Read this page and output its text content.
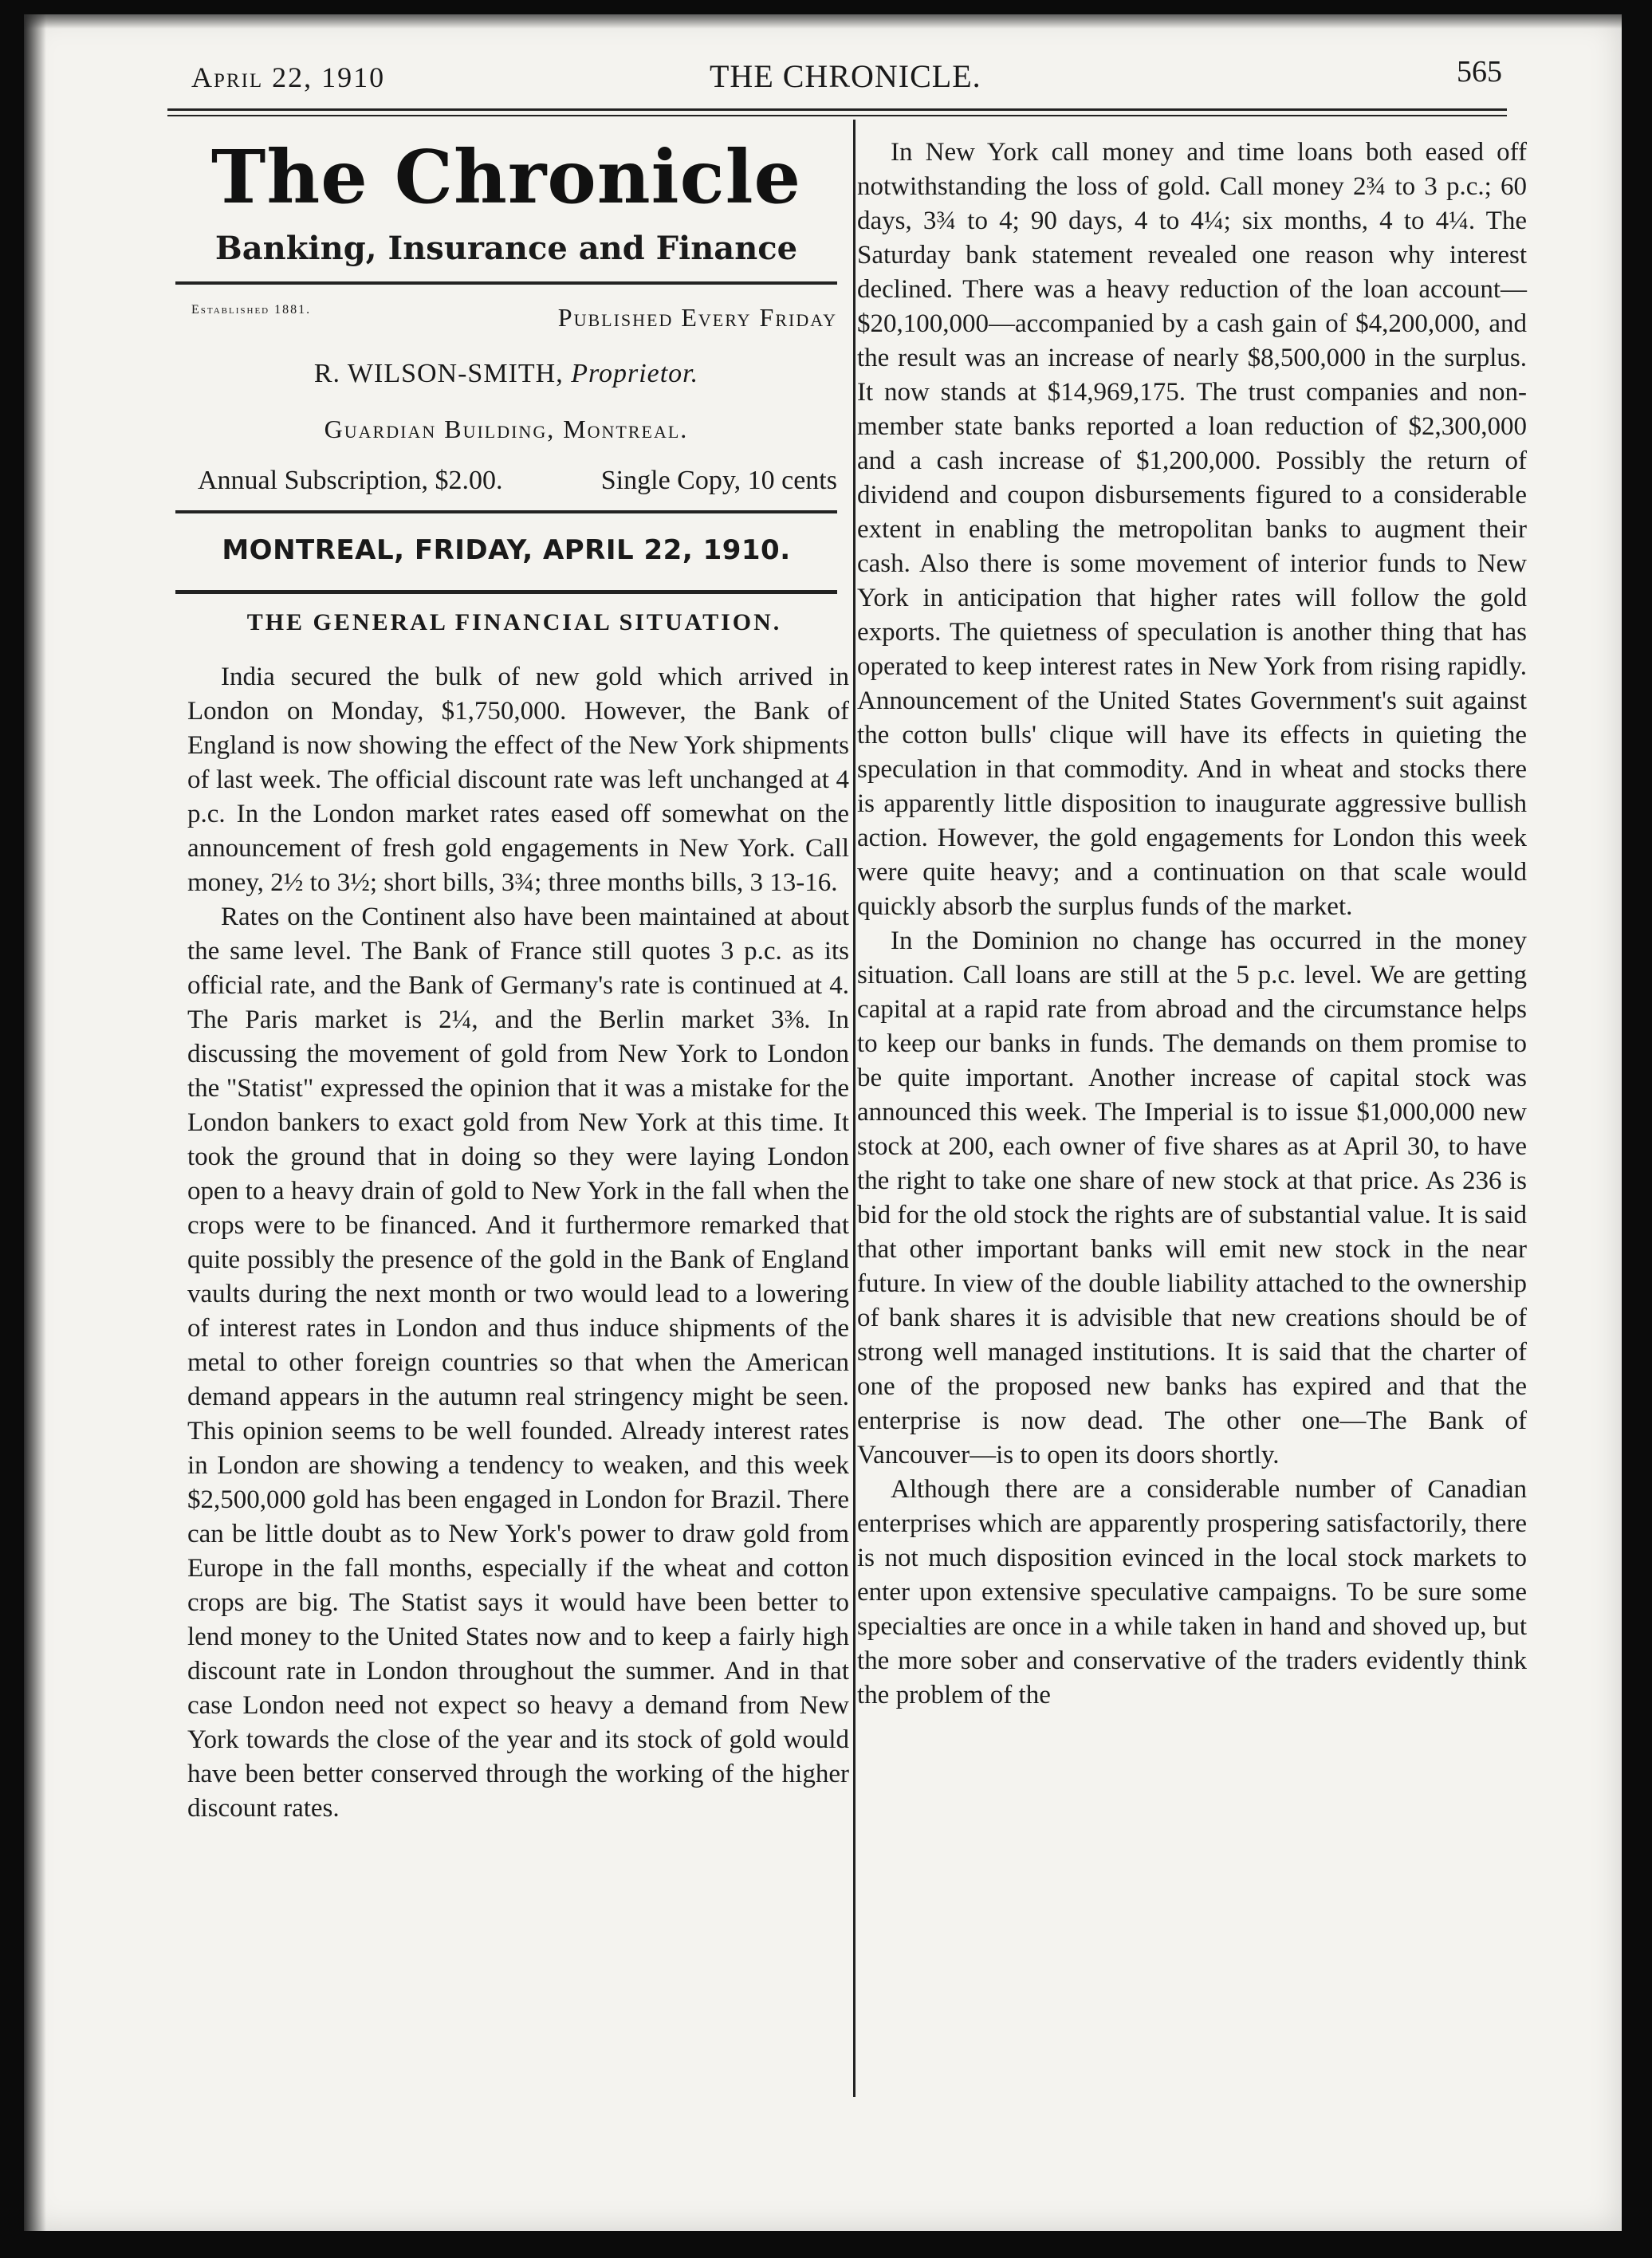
April 22, 1910	THE CHRONICLE.	565
The Chronicle
Banking, Insurance and Finance
Established 1881.	Published Every Friday
R. WILSON-SMITH, Proprietor.
Guardian Building, Montreal.
Annual Subscription, $2.00.	Single Copy, 10 cents
MONTREAL, FRIDAY, APRIL 22, 1910.
THE GENERAL FINANCIAL SITUATION.

India secured the bulk of new gold which arrived in London on Monday, $1,750,000. However, the Bank of England is now showing the effect of the New York shipments of last week. The official discount rate was left unchanged at 4 p.c. In the London market rates eased off somewhat on the announcement of fresh gold engagements in New York. Call money, 2½ to 3½; short bills, 3¾; three months bills, 3 13-16.

Rates on the Continent also have been maintained at about the same level. The Bank of France still quotes 3 p.c. as its official rate, and the Bank of Germany's rate is continued at 4. The Paris market is 2¼, and the Berlin market 3⅜. In discussing the movement of gold from New York to London the "Statist" expressed the opinion that it was a mistake for the London bankers to exact gold from New York at this time. It took the ground that in doing so they were laying London open to a heavy drain of gold to New York in the fall when the crops were to be financed. And it furthermore remarked that quite possibly the presence of the gold in the Bank of England vaults during the next month or two would lead to a lowering of interest rates in London and thus induce shipments of the metal to other foreign countries so that when the American demand appears in the autumn real stringency might be seen. This opinion seems to be well founded. Already interest rates in London are showing a tendency to weaken, and this week $2,500,000 gold has been engaged in London for Brazil. There can be little doubt as to New York's power to draw gold from Europe in the fall months, especially if the wheat and cotton crops are big. The Statist says it would have been better to lend money to the United States now and to keep a fairly high discount rate in London throughout the summer. And in that case London need not expect so heavy a demand from New York towards the close of the year and its stock of gold would have been better conserved through the working of the higher discount rates.

In New York call money and time loans both eased off notwithstanding the loss of gold. Call money 2¾ to 3 p.c.; 60 days, 3¾ to 4; 90 days, 4 to 4¼; six months, 4 to 4¼. The Saturday bank statement revealed one reason why interest declined. There was a heavy reduction of the loan account—$20,100,000—accompanied by a cash gain of $4,200,000, and the result was an increase of nearly $8,500,000 in the surplus. It now stands at $14,969,175. The trust companies and non-member state banks reported a loan reduction of $2,300,000 and a cash increase of $1,200,000. Possibly the return of dividend and coupon disbursements figured to a considerable extent in enabling the metropolitan banks to augment their cash. Also there is some movement of interior funds to New York in anticipation that higher rates will follow the gold exports. The quietness of speculation is another thing that has operated to keep interest rates in New York from rising rapidly. Announcement of the United States Government's suit against the cotton bulls' clique will have its effects in quieting the speculation in that commodity. And in wheat and stocks there is apparently little disposition to inaugurate aggressive bullish action. However, the gold engagements for London this week were quite heavy; and a continuation on that scale would quickly absorb the surplus funds of the market.

In the Dominion no change has occurred in the money situation. Call loans are still at the 5 p.c. level. We are getting capital at a rapid rate from abroad and the circumstance helps to keep our banks in funds. The demands on them promise to be quite important. Another increase of capital stock was announced this week. The Imperial is to issue $1,000,000 new stock at 200, each owner of five shares as at April 30, to have the right to take one share of new stock at that price. As 236 is bid for the old stock the rights are of substantial value. It is said that other important banks will emit new stock in the near future. In view of the double liability attached to the ownership of bank shares it is advisible that new creations should be of strong well managed institutions. It is said that the charter of one of the proposed new banks has expired and that the enterprise is now dead. The other one—The Bank of Vancouver—is to open its doors shortly.

Although there are a considerable number of Canadian enterprises which are apparently prospering satisfactorily, there is not much disposition evinced in the local stock markets to enter upon extensive speculative campaigns. To be sure some specialties are once in a while taken in hand and shoved up, but the more sober and conservative of the traders evidently think the problem of the
